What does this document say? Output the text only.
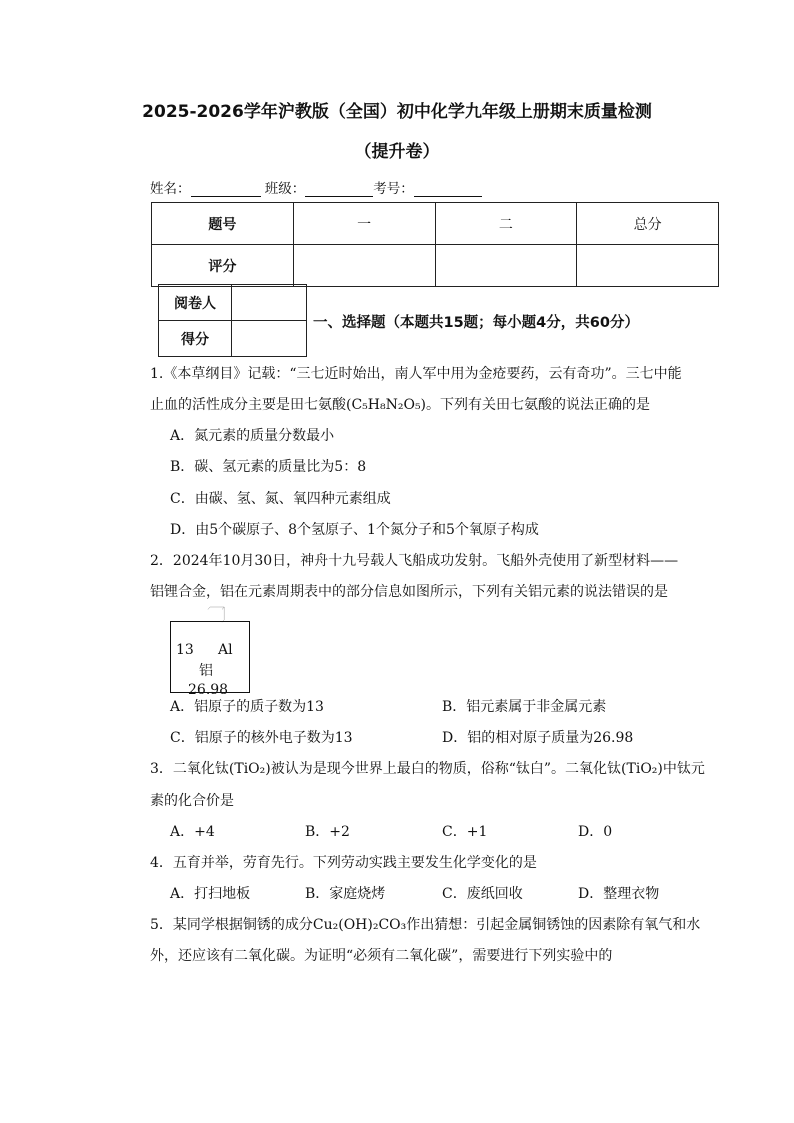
2025-2026学年沪教版（全国）初中化学九年级上册期末质量检测
（提升卷）
姓名：	班级：	考号：
题号	一	二	总分
评分			
阅卷人	
得分	
一、选择题（本题共15题；每小题4分，共60分）
1.《本草纲目》记载：“三七近时始出，南人军中用为金疮要药，云有奇功”。三七中能
止血的活性成分主要是田七氨酸(C₅H₈N₂O₅)。下列有关田七氨酸的说法正确的是
A．氮元素的质量分数最小
B．碳、氢元素的质量比为5：8
C．由碳、氢、氮、氧四种元素组成
D．由5个碳原子、8个氢原子、1个氮分子和5个氧原子构成
2．2024年10月30日，神舟十九号载人飞船成功发射。飞船外壳使用了新型材料——
铝锂合金，铝在元素周期表中的部分信息如图所示，下列有关铝元素的说法错误的是
13 Al
铝
26.98
A．铝原子的质子数为13	B．铝元素属于非金属元素
C．铝原子的核外电子数为13	D．铝的相对原子质量为26.98
3．二氧化钛(TiO₂)被认为是现今世界上最白的物质，俗称“钛白”。二氧化钛(TiO₂)中钛元
素的化合价是
A．+4	B．+2	C．+1	D．0
4．五育并举，劳育先行。下列劳动实践主要发生化学变化的是
A．打扫地板	B．家庭烧烤	C．废纸回收	D．整理衣物
5．某同学根据铜锈的成分Cu₂(OH)₂CO₃作出猜想：引起金属铜锈蚀的因素除有氧气和水
外，还应该有二氧化碳。为证明“必须有二氧化碳”，需要进行下列实验中的
